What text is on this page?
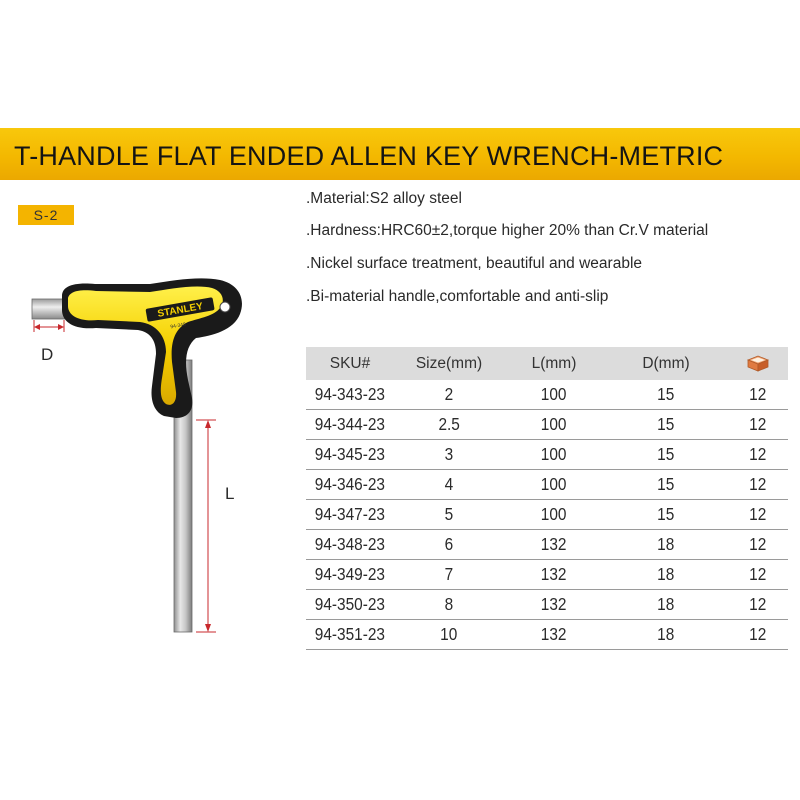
T-HANDLE FLAT ENDED ALLEN KEY WRENCH-METRIC
S-2
.Material:S2 alloy steel
.Hardness:HRC60±2,torque higher 20% than Cr.V material
.Nickel surface treatment, beautiful and wearable
.Bi-material handle,comfortable and anti-slip
STANLEY
94-348
D
L
SKU#	Size(mm)	L(mm)	D(mm)	
94-343-23	2	100	15	12
94-344-23	2.5	100	15	12
94-345-23	3	100	15	12
94-346-23	4	100	15	12
94-347-23	5	100	15	12
94-348-23	6	132	18	12
94-349-23	7	132	18	12
94-350-23	8	132	18	12
94-351-23	10	132	18	12
